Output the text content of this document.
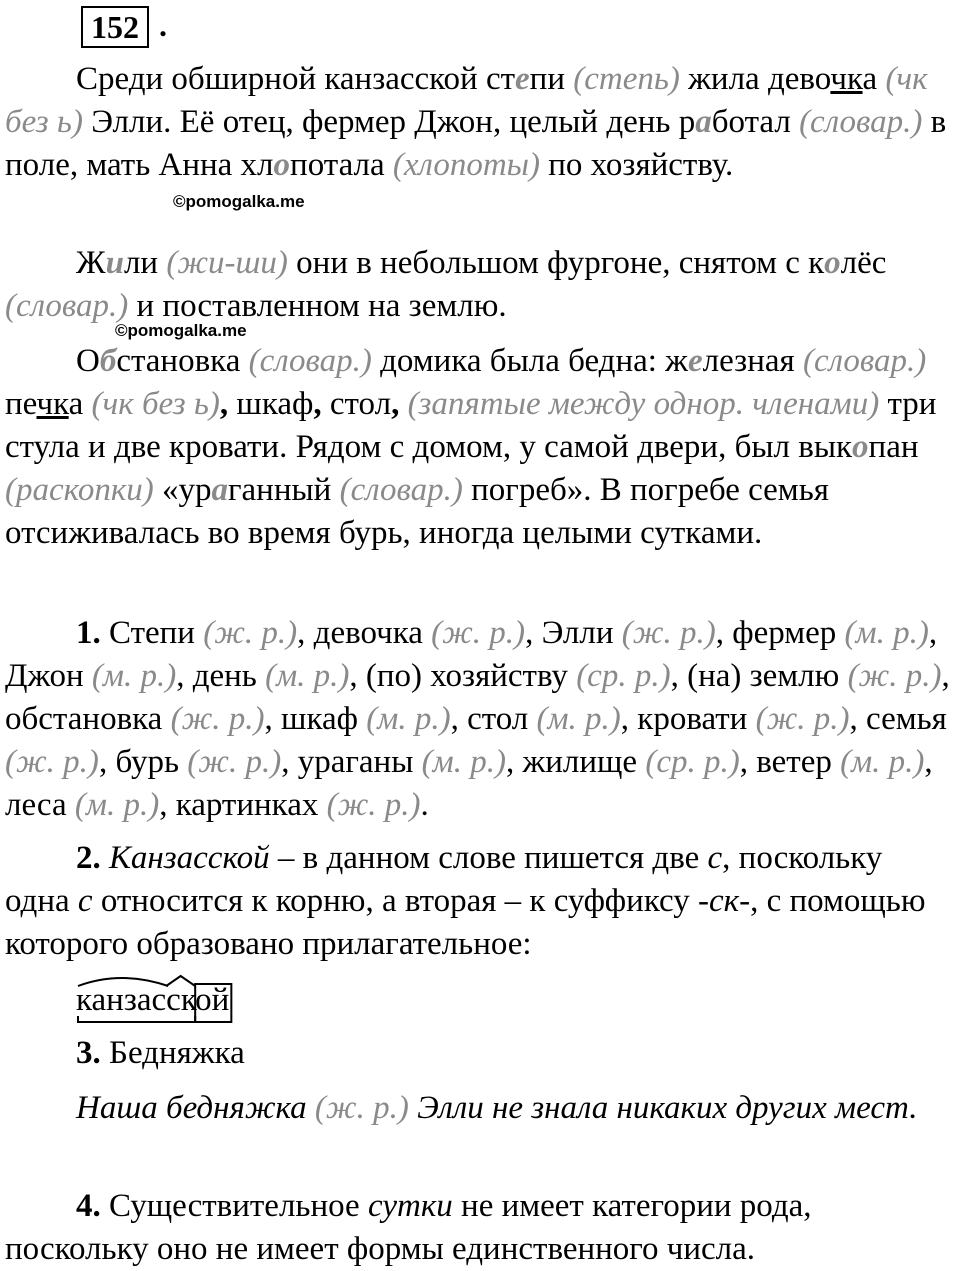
152 .

Среди обширной канзасской степи (степь) жила девочка (чк без ь) Элли. Её отец, фермер Джон, целый день работал (словар.) в поле, мать Анна хлопотала (хлопоты) по хозяйству.

©pomogalka.me

Жили (жи-ши) они в небольшом фургоне, снятом с колёс (словар.) и поставленном на землю.

©pomogalka.me

Обстановка (словар.) домика была бедна: железная (словар.) печка (чк без ь), шкаф, стол, (запятые между однор. членами) три стула и две кровати. Рядом с домом, у самой двери, был выкопан (раскопки) «ураганный (словар.) погреб». В погребе семья отсиживалась во время бурь, иногда целыми сутками.

1. Степи (ж. р.), девочка (ж. р.), Элли (ж. р.), фермер (м. р.), Джон (м. р.), день (м. р.), (по) хозяйству (ср. р.), (на) землю (ж. р.), обстановка (ж. р.), шкаф (м. р.), стол (м. р.), кровати (ж. р.), семья (ж. р.), бурь (ж. р.), ураганы (м. р.), жилище (ср. р.), ветер (м. р.), леса (м. р.), картинках (ж. р.).

2. Канзасской – в данном слове пишется две с, поскольку одна с относится к корню, а вторая – к суффиксу -ск-, с помощью которого образовано прилагательное:

канзасской

3. Бедняжка

Наша бедняжка (ж. р.) Элли не знала никаких других мест.

4. Существительное сутки не имеет категории рода, поскольку оно не имеет формы единственного числа.
